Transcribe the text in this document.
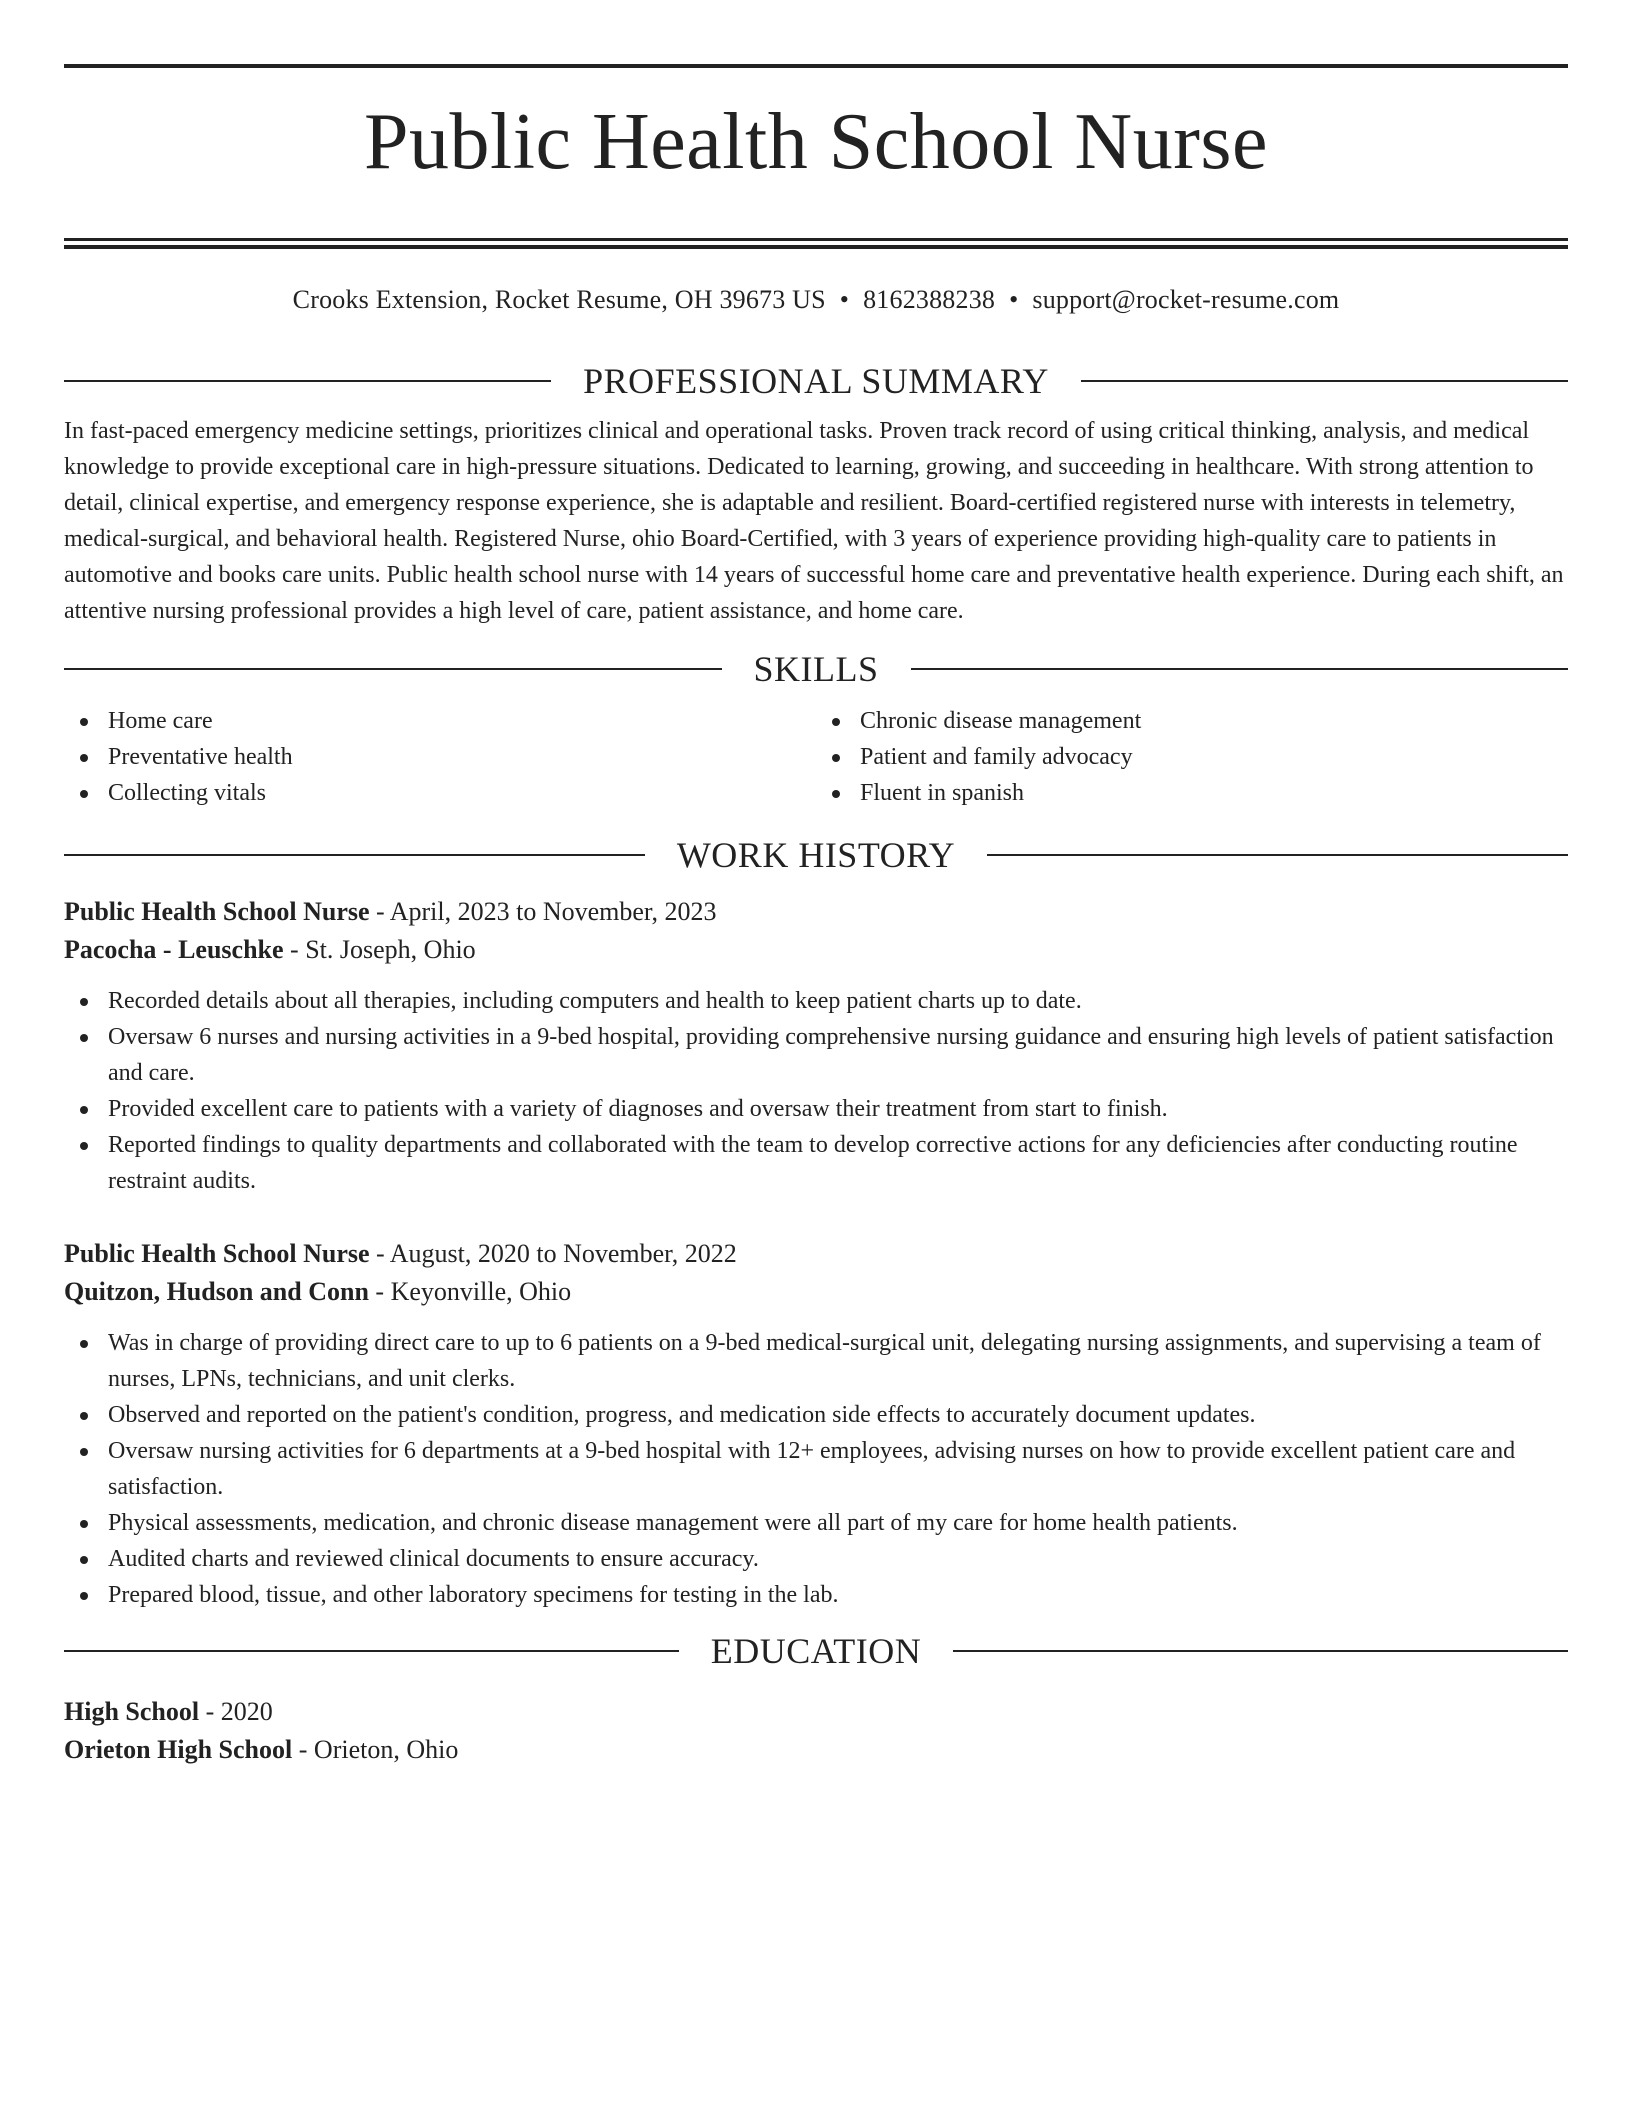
Public Health School Nurse
Crooks Extension, Rocket Resume, OH 39673 US • 8162388238 • support@rocket-resume.com
PROFESSIONAL SUMMARY

In fast-paced emergency medicine settings, prioritizes clinical and operational tasks. Proven track record of using critical thinking, analysis, and medical knowledge to provide exceptional care in high-pressure situations. Dedicated to learning, growing, and succeeding in healthcare. With strong attention to detail, clinical expertise, and emergency response experience, she is adaptable and resilient. Board-certified registered nurse with interests in telemetry, medical-surgical, and behavioral health. Registered Nurse, ohio Board-Certified, with 3 years of experience providing high-quality care to patients in automotive and books care units. Public health school nurse with 14 years of successful home care and preventative health experience. During each shift, an attentive nursing professional provides a high level of care, patient assistance, and home care.

SKILLS
Home care
Preventative health
Collecting vitals
Chronic disease management
Patient and family advocacy
Fluent in spanish
WORK HISTORY
Public Health School Nurse - April, 2023 to November, 2023
Pacocha - Leuschke - St. Joseph, Ohio
Recorded details about all therapies, including computers and health to keep patient charts up to date.
Oversaw 6 nurses and nursing activities in a 9-bed hospital, providing comprehensive nursing guidance and ensuring high levels of patient satisfaction and care.
Provided excellent care to patients with a variety of diagnoses and oversaw their treatment from start to finish.
Reported findings to quality departments and collaborated with the team to develop corrective actions for any deficiencies after conducting routine restraint audits.
Public Health School Nurse - August, 2020 to November, 2022
Quitzon, Hudson and Conn - Keyonville, Ohio
Was in charge of providing direct care to up to 6 patients on a 9-bed medical-surgical unit, delegating nursing assignments, and supervising a team of nurses, LPNs, technicians, and unit clerks.
Observed and reported on the patient's condition, progress, and medication side effects to accurately document updates.
Oversaw nursing activities for 6 departments at a 9-bed hospital with 12+ employees, advising nurses on how to provide excellent patient care and satisfaction.
Physical assessments, medication, and chronic disease management were all part of my care for home health patients.
Audited charts and reviewed clinical documents to ensure accuracy.
Prepared blood, tissue, and other laboratory specimens for testing in the lab.
EDUCATION
High School - 2020
Orieton High School - Orieton, Ohio
